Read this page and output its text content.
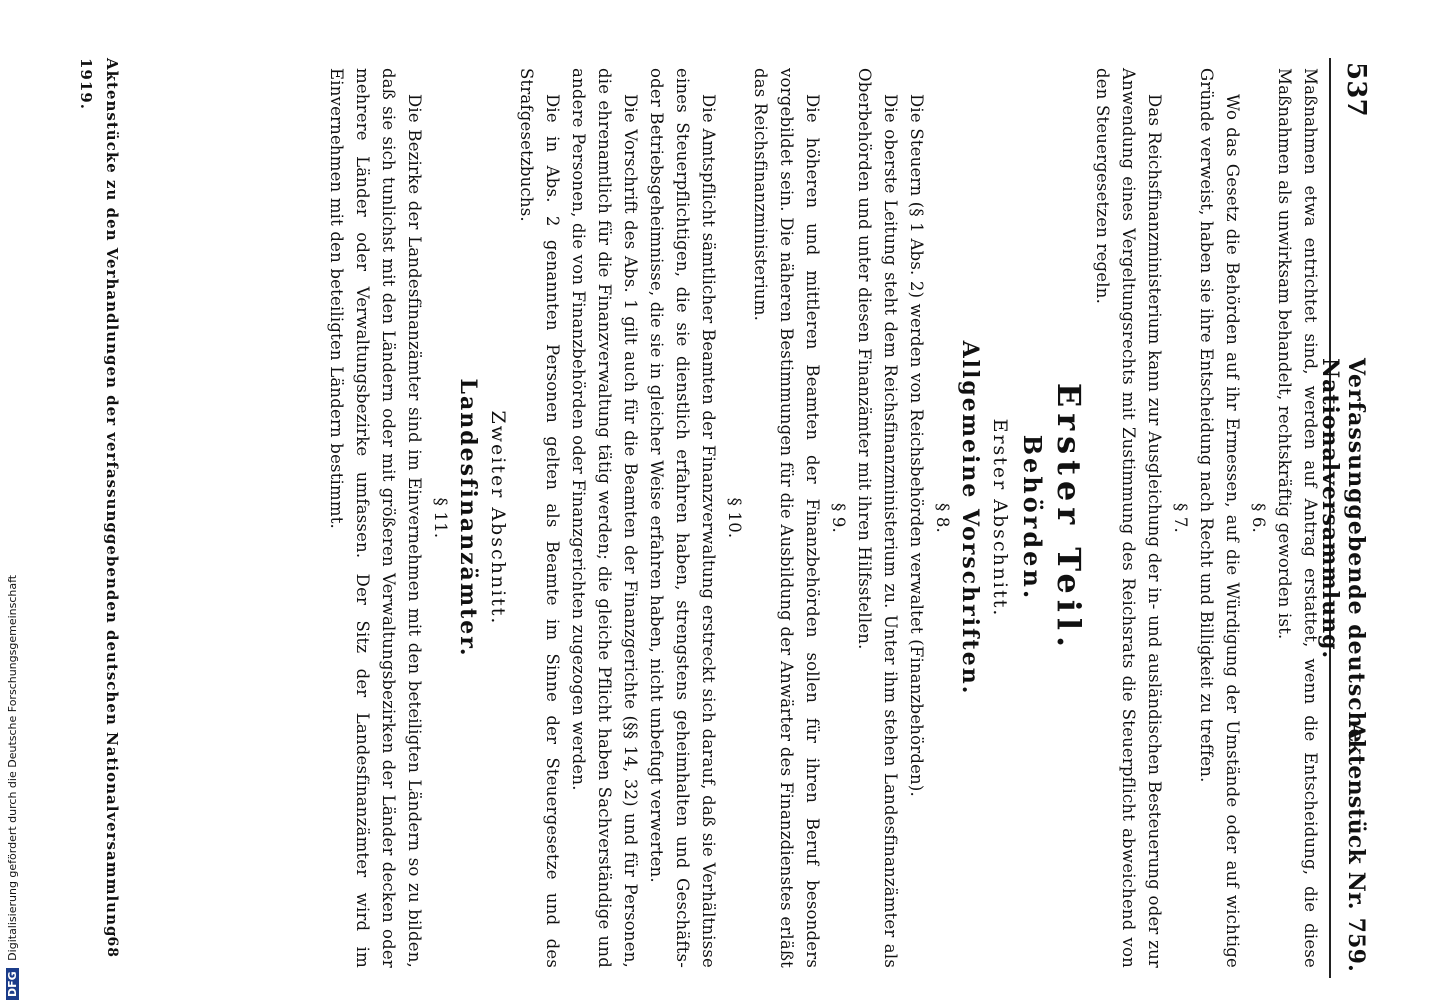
537
Verfassunggebende deutsche Nationalversammlung.
Aktenstück Nr. 759.

Maßnahmen etwa entrichtet sind, werden auf Antrag erstattet, wenn die Entscheidung, die diese Maßnahmen als unwirksam behandelt, rechtskräftig geworden ist.

§ 6.

Wo das Gesetz die Behörden auf ihr Ermessen, auf die Würdigung der Umstände oder auf wichtige Gründe verweist, haben sie ihre Entscheidung nach Recht und Billigkeit zu treffen.

§ 7.

Das Reichsfinanzministerium kann zur Ausgleichung der in- und ausländischen Besteuerung oder zur Anwendung eines Vergeltungsrechts mit Zustimmung des Reichsrats die Steuerpflicht abweichend von den Steuergesetzen regeln.

Erster Teil.

Behörden.

Erster Abschnitt.

Allgemeine Vorschriften.

§ 8.

Die Steuern (§ 1 Abs. 2) werden von Reichsbehörden verwaltet (Finanzbehörden).

Die oberste Leitung steht dem Reichsfinanzministerium zu. Unter ihm stehen Landesfinanzämter als Oberbehörden und unter diesen Finanzämter mit ihren Hilfsstellen.

§ 9.

Die höheren und mittleren Beamten der Finanzbehörden sollen für ihren Beruf besonders vorgebildet sein. Die näheren Bestimmungen für die Ausbildung der Anwärter des Finanzdienstes erläßt das Reichsfinanzministerium.

§ 10.

Die Amtspflicht sämtlicher Beamten der Finanzverwaltung erstreckt sich darauf, daß sie Verhältnisse eines Steuerpflichtigen, die sie dienstlich erfahren haben, strengstens geheimhalten und Geschäfts- oder Betriebsgeheimnisse, die sie in gleicher Weise erfahren haben, nicht unbefugt verwerten.

Die Vorschrift des Abs. 1 gilt auch für die Beamten der Finanzgerichte (§§ 14, 32) und für Personen, die ehrenamtlich für die Finanzverwaltung tätig werden; die gleiche Pflicht haben Sachverständige und andere Personen, die von Finanzbehörden oder Finanzgerichten zugezogen werden.

Die in Abs. 2 genannten Personen gelten als Beamte im Sinne der Steuergesetze und des Strafgesetzbuchs.

Zweiter Abschnitt.

Landesfinanzämter.

§ 11.

Die Bezirke der Landesfinanzämter sind im Einvernehmen mit den beteiligten Ländern so zu bilden, daß sie sich tunlichst mit den Ländern oder mit größeren Verwaltungsbezirken der Länder decken oder mehrere Länder oder Verwaltungsbezirke umfassen. Der Sitz der Landesfinanzämter wird im Einvernehmen mit den beteiligten Ländern bestimmt.

Aktenstücke zu den Verhandlungen der verfassunggebenden deutschen Nationalversammlung 1919.
68
DFG Digitalisierung gefördert durch die Deutsche Forschungsgemeinschaft
